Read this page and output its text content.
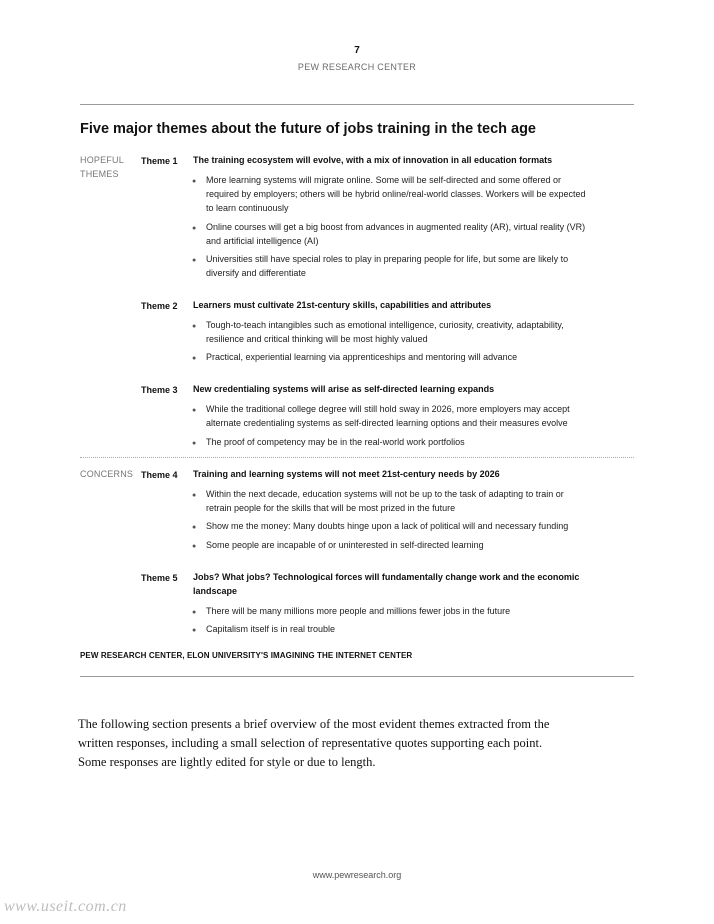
7
PEW RESEARCH CENTER
Five major themes about the future of jobs training in the tech age
HOPEFUL
THEMES
CONCERNS
Theme 1 The training ecosystem will evolve, with a mix of innovation in all education formats
● More learning systems will migrate online. Some will be self-directed and some offered or
required by employers; others will be hybrid online/real-world classes. Workers will be expected
to learn continuously
● Online courses will get a big boost from advances in augmented reality (AR), virtual reality (VR)
and artificial intelligence (AI)
● Universities still have special roles to play in preparing people for life, but some are likely to
diversify and differentiate
Theme 2 Learners must cultivate 21st-century skills, capabilities and attributes
● Tough-to-teach intangibles such as emotional intelligence, curiosity, creativity, adaptability,
resilience and critical thinking will be most highly valued
● Practical, experiential learning via apprenticeships and mentoring will advance
Theme 3 New credentialing systems will arise as self-directed learning expands
● While the traditional college degree will still hold sway in 2026, more employers may accept
alternate credentialing systems as self-directed learning options and their measures evolve
● The proof of competency may be in the real-world work portfolios
Theme 4 Training and learning systems will not meet 21st-century needs by 2026
● Within the next decade, education systems will not be up to the task of adapting to train or
retrain people for the skills that will be most prized in the future
● Show me the money: Many doubts hinge upon a lack of political will and necessary funding
● Some people are incapable of or uninterested in self-directed learning
Theme 5 Jobs? What jobs? Technological forces will fundamentally change work and the economic
landscape
● There will be many millions more people and millions fewer jobs in the future
● Capitalism itself is in real trouble
PEW RESEARCH CENTER, ELON UNIVERSITY'S IMAGINING THE INTERNET CENTER
The following section presents a brief overview of the most evident themes extracted from the
written responses, including a small selection of representative quotes supporting each point.
Some responses are lightly edited for style or due to length.
www.pewresearch.org
www.useit.com.cn
